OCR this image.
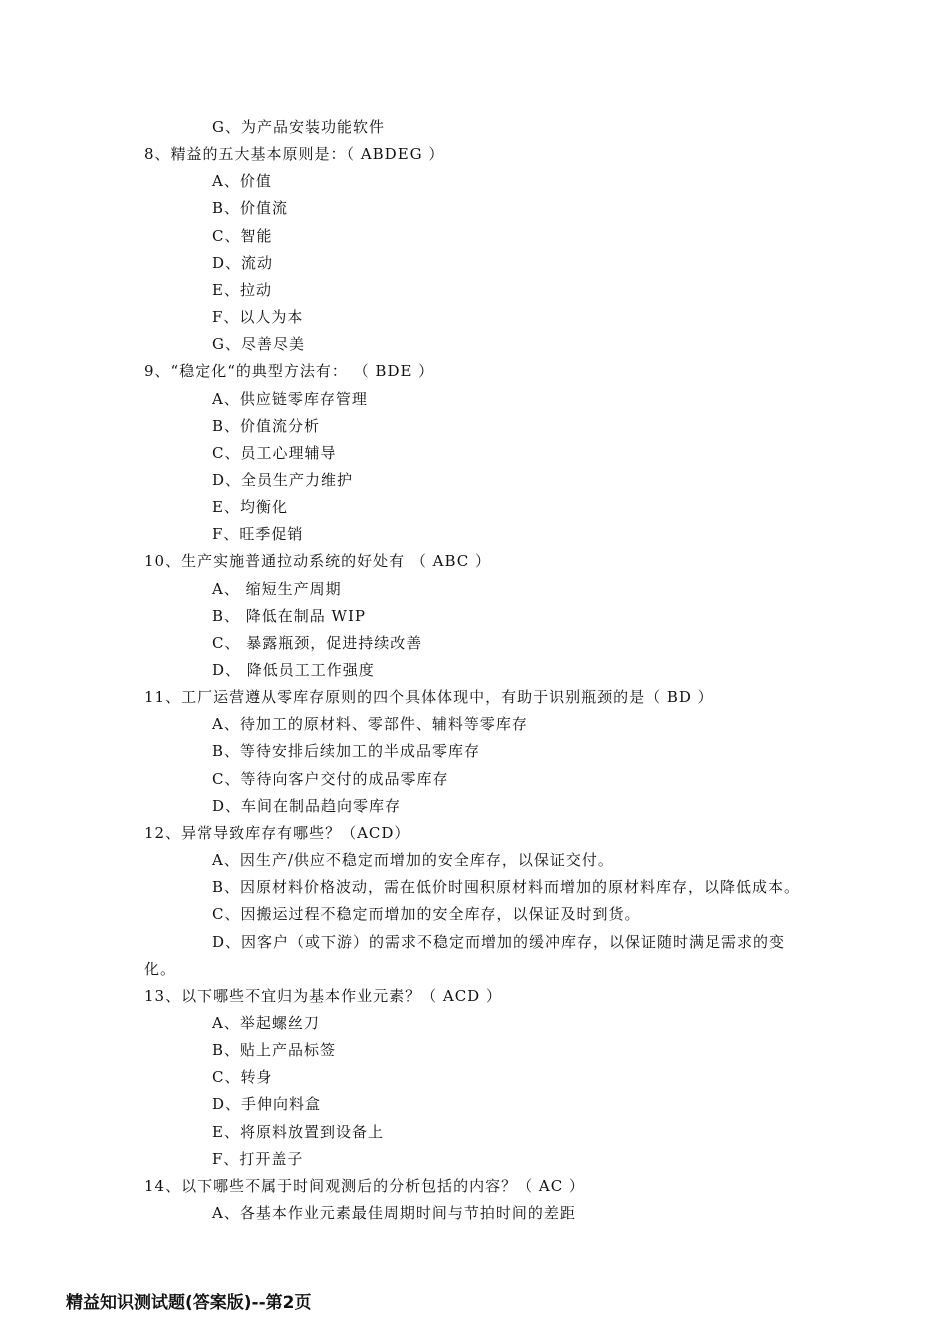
G、为产品安装功能软件
8、精益的五大基本原则是：（ ABDEG ）
A、价值
B、价值流
C、智能
D、流动
E、拉动
F、以人为本
G、尽善尽美
9、“稳定化“的典型方法有： （ BDE ）
A、供应链零库存管理
B、价值流分析
C、员工心理辅导
D、全员生产力维护
E、均衡化
F、旺季促销
10、生产实施普通拉动系统的好处有 （ ABC ）
A、 缩短生产周期
B、 降低在制品 WIP
C、 暴露瓶颈，促进持续改善
D、 降低员工工作强度
11、工厂运营遵从零库存原则的四个具体体现中，有助于识别瓶颈的是（ BD ）
A、待加工的原材料、零部件、辅料等零库存
B、等待安排后续加工的半成品零库存
C、等待向客户交付的成品零库存
D、车间在制品趋向零库存
12、异常导致库存有哪些？（ACD）
A、因生产/供应不稳定而增加的安全库存，以保证交付。
B、因原材料价格波动，需在低价时囤积原材料而增加的原材料库存，以降低成本。
C、因搬运过程不稳定而增加的安全库存，以保证及时到货。
D、因客户（或下游）的需求不稳定而增加的缓冲库存，以保证随时满足需求的变
化。
13、以下哪些不宜归为基本作业元素？（ ACD ）
A、举起螺丝刀
B、贴上产品标签
C、转身
D、手伸向料盒
E、将原料放置到设备上
F、打开盖子
14、以下哪些不属于时间观测后的分析包括的内容？（ AC ）
A、各基本作业元素最佳周期时间与节拍时间的差距
精益知识测试题(答案版)--第2页
